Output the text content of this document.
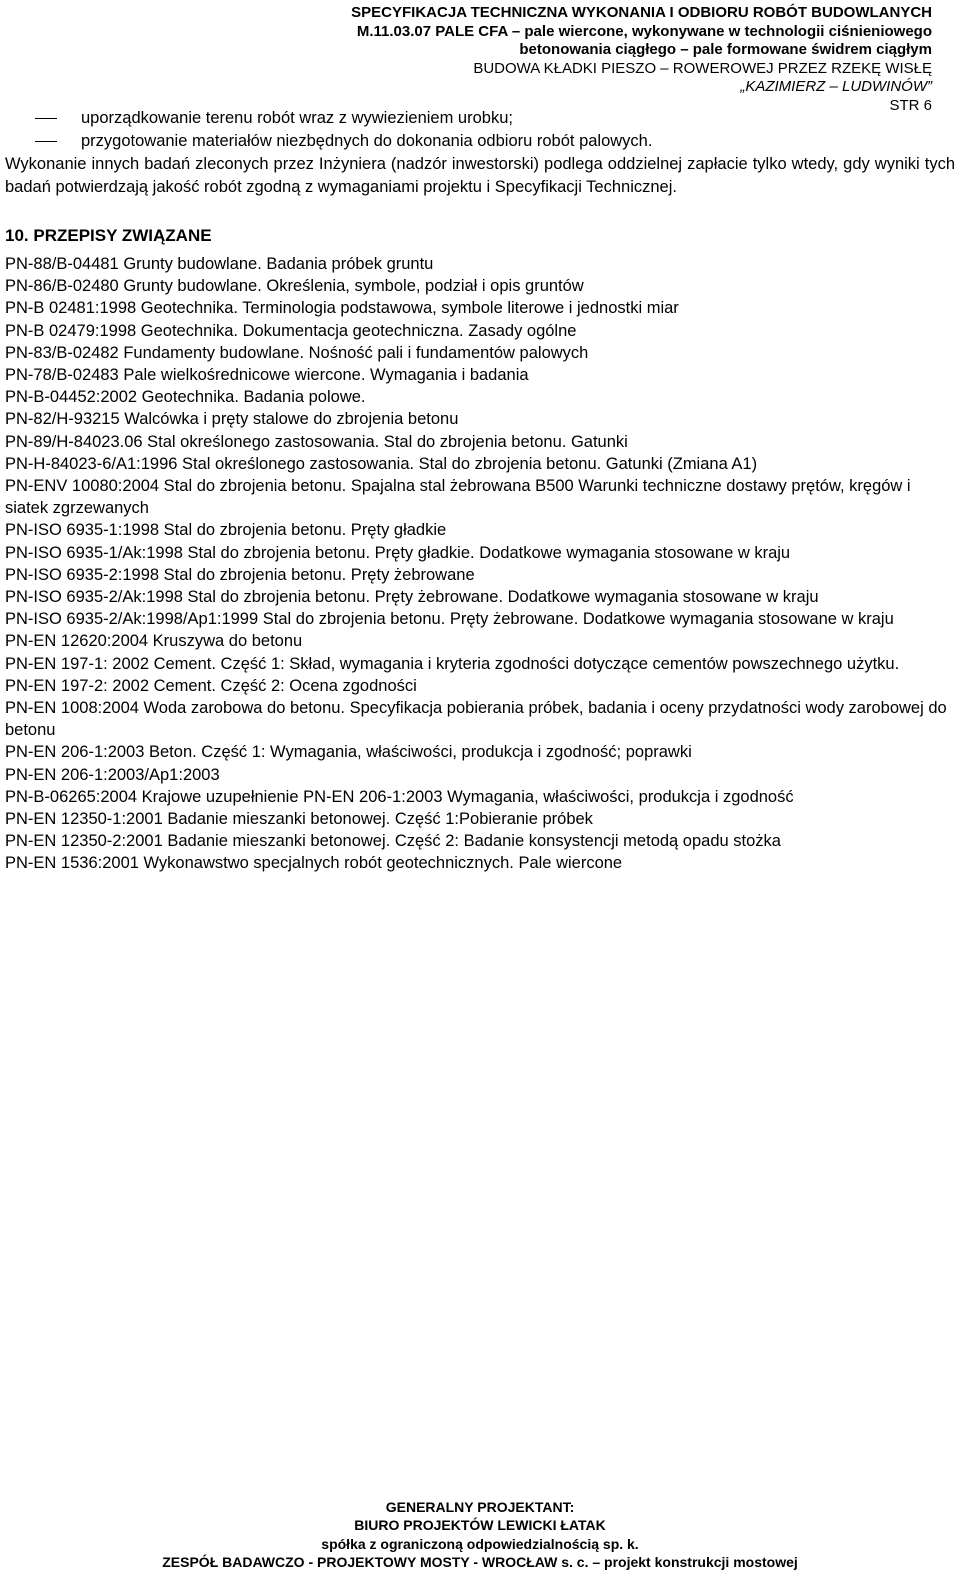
SPECYFIKACJA TECHNICZNA WYKONANIA I ODBIORU ROBÓT BUDOWLANYCH
M.11.03.07 PALE CFA – pale wiercone, wykonywane w technologii ciśnieniowego
betonowania ciągłego – pale formowane świdrem ciągłym
BUDOWA KŁADKI PIESZO – ROWEROWEJ PRZEZ RZEKĘ WISŁĘ
„KAZIMIERZ – LUDWINÓW”
STR 6
uporządkowanie terenu robót wraz z wywiezieniem urobku;
przygotowanie materiałów niezbędnych do dokonania odbioru robót palowych.
Wykonanie innych badań zleconych przez Inżyniera (nadzór inwestorski) podlega oddzielnej zapłacie tylko wtedy, gdy wyniki tych badań potwierdzają jakość robót zgodną z wymaganiami projektu i Specyfikacji Technicznej.
10. PRZEPISY ZWIĄZANE
PN-88/B-04481 Grunty budowlane. Badania próbek gruntu
PN-86/B-02480 Grunty budowlane. Określenia, symbole, podział i opis gruntów
PN-B 02481:1998 Geotechnika. Terminologia podstawowa, symbole literowe i jednostki miar
PN-B 02479:1998 Geotechnika. Dokumentacja geotechniczna. Zasady ogólne
PN-83/B-02482 Fundamenty budowlane. Nośność pali i fundamentów palowych
PN-78/B-02483 Pale wielkośrednicowe wiercone. Wymagania i badania
PN-B-04452:2002 Geotechnika. Badania polowe.
PN-82/H-93215 Walcówka i pręty stalowe do zbrojenia betonu
PN-89/H-84023.06 Stal określonego zastosowania. Stal do zbrojenia betonu. Gatunki
PN-H-84023-6/A1:1996 Stal określonego zastosowania. Stal do zbrojenia betonu. Gatunki (Zmiana A1)
PN-ENV 10080:2004 Stal do zbrojenia betonu. Spajalna stal żebrowana B500 Warunki techniczne dostawy prętów, kręgów i siatek zgrzewanych
PN-ISO 6935-1:1998 Stal do zbrojenia betonu. Pręty gładkie
PN-ISO 6935-1/Ak:1998 Stal do zbrojenia betonu. Pręty gładkie. Dodatkowe wymagania stosowane w kraju
PN-ISO 6935-2:1998 Stal do zbrojenia betonu. Pręty żebrowane
PN-ISO 6935-2/Ak:1998 Stal do zbrojenia betonu. Pręty żebrowane. Dodatkowe wymagania stosowane w kraju
PN-ISO 6935-2/Ak:1998/Ap1:1999 Stal do zbrojenia betonu. Pręty żebrowane. Dodatkowe wymagania stosowane w kraju
PN-EN 12620:2004 Kruszywa do betonu
PN-EN 197-1: 2002 Cement. Część 1: Skład, wymagania i kryteria zgodności dotyczące cementów powszechnego użytku.
PN-EN 197-2: 2002 Cement. Część 2: Ocena zgodności
PN-EN 1008:2004 Woda zarobowa do betonu. Specyfikacja pobierania próbek, badania i oceny przydatności wody zarobowej do betonu
PN-EN 206-1:2003 Beton. Część 1: Wymagania, właściwości, produkcja i zgodność; poprawki
PN-EN 206-1:2003/Ap1:2003
PN-B-06265:2004 Krajowe uzupełnienie PN-EN 206-1:2003 Wymagania, właściwości, produkcja i zgodność
PN-EN 12350-1:2001 Badanie mieszanki betonowej. Część 1:Pobieranie próbek
PN-EN 12350-2:2001 Badanie mieszanki betonowej. Część 2: Badanie konsystencji metodą opadu stożka
PN-EN 1536:2001 Wykonawstwo specjalnych robót geotechnicznych. Pale wiercone
GENERALNY PROJEKTANT:
BIURO PROJEKTÓW LEWICKI ŁATAK
spółka z ograniczoną odpowiedzialnością sp. k.
ZESPÓŁ BADAWCZO - PROJEKTOWY MOSTY - WROCŁAW s. c. – projekt konstrukcji mostowej
